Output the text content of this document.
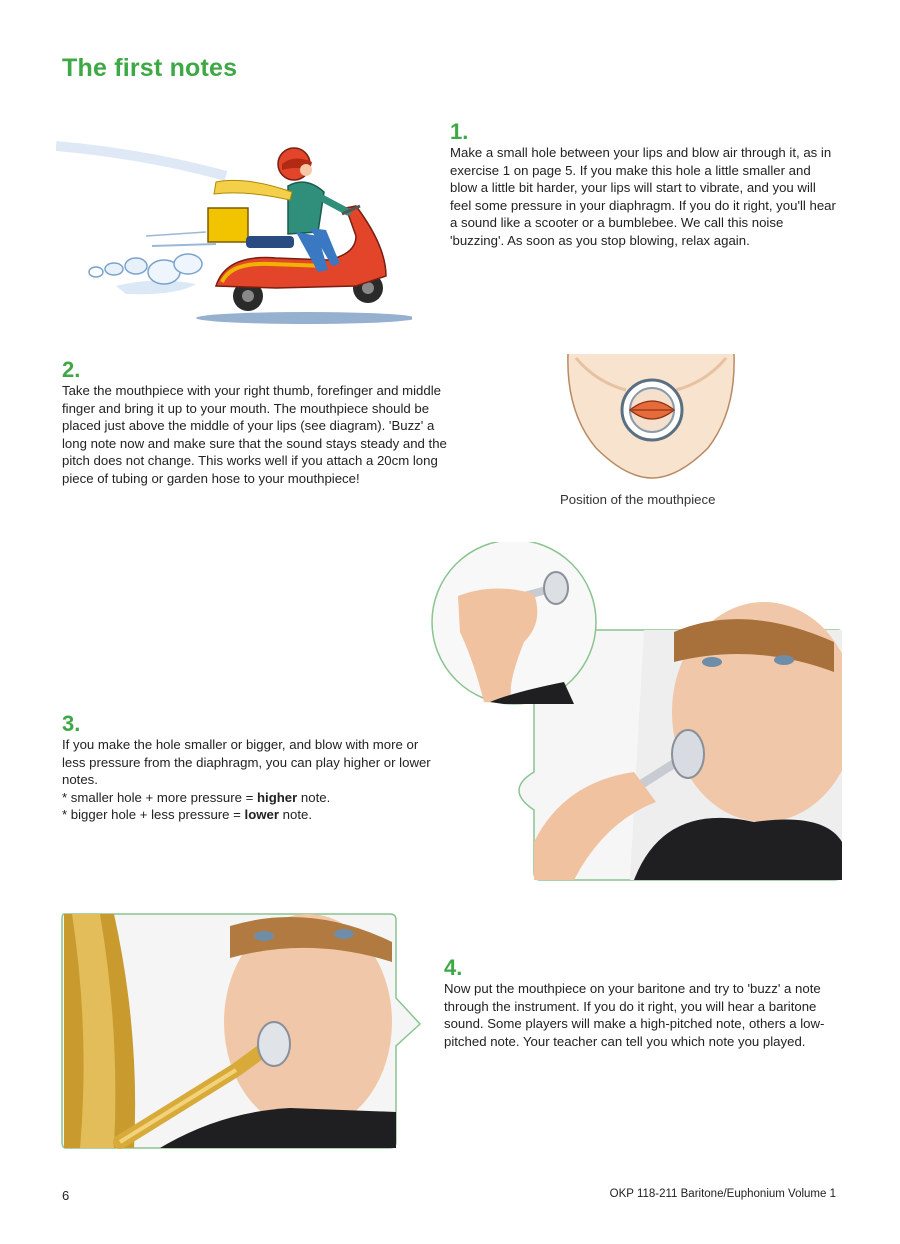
The first notes
1.

Make a small hole between your lips and blow air through it, as in exercise 1 on page 5. If you make this hole a little smaller and blow a little bit harder, your lips will start to vibrate, and you will feel some pressure in your diaphragm. If you do it right, you'll hear a sound like a scooter or a bumblebee. We call this noise 'buzzing'. As soon as you stop blowing, relax again.

2.

Take the mouthpiece with your right thumb, forefinger and middle finger and bring it up to your mouth. The mouthpiece should be placed just above the middle of your lips (see diagram). 'Buzz' a long note now and make sure that the sound stays steady and the pitch does not change. This works well if you attach a 20cm long piece of tubing or garden hose to your mouthpiece!

Position of the mouthpiece
3.

If you make the hole smaller or bigger, and blow with more or less pressure from the diaphragm, you can play higher or lower notes.

* smaller hole + more pressure = higher note.

* bigger hole + less pressure = lower note.

4.

Now put the mouthpiece on your baritone and try to 'buzz' a note through the instrument. If you do it right, you will hear a baritone sound. Some players will make a high-pitched note, others a low-pitched note. Your teacher can tell you which note you played.

6	OKP 118-211 Baritone/Euphonium Volume 1
